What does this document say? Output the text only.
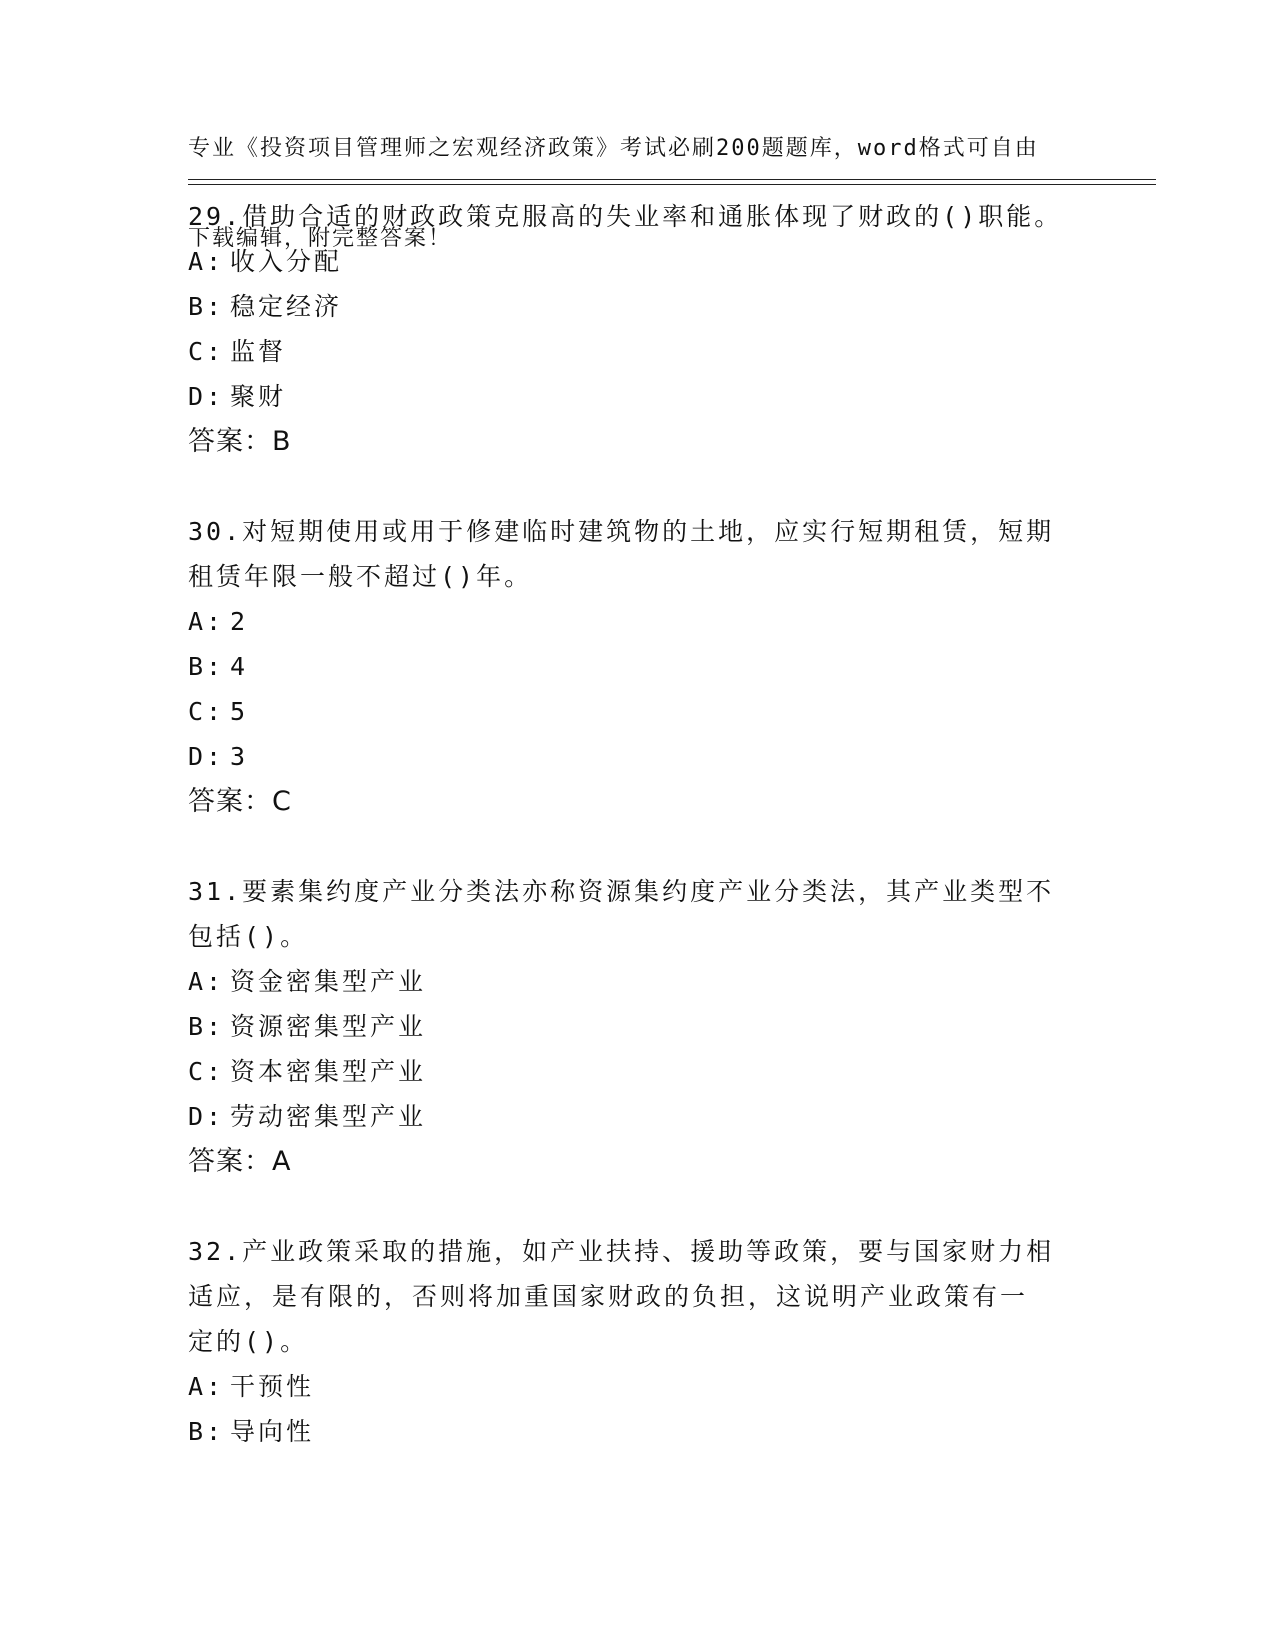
专业《投资项目管理师之宏观经济政策》考试必刷200题题库，word格式可自由

下载编辑，附完整答案！

29.借助合适的财政政策克服高的失业率和通胀体现了财政的()职能。

A: 收入分配

B: 稳定经济

C: 监督

D: 聚财

答案：B

30.对短期使用或用于修建临时建筑物的土地，应实行短期租赁，短期
租赁年限一般不超过()年。

A: 2

B: 4

C: 5

D: 3

答案：C

31.要素集约度产业分类法亦称资源集约度产业分类法，其产业类型不
包括()。

A: 资金密集型产业

B: 资源密集型产业

C: 资本密集型产业

D: 劳动密集型产业

答案：A

32.产业政策采取的措施，如产业扶持、援助等政策，要与国家财力相
适应，是有限的，否则将加重国家财政的负担，这说明产业政策有一
定的()。

A: 干预性

B: 导向性
